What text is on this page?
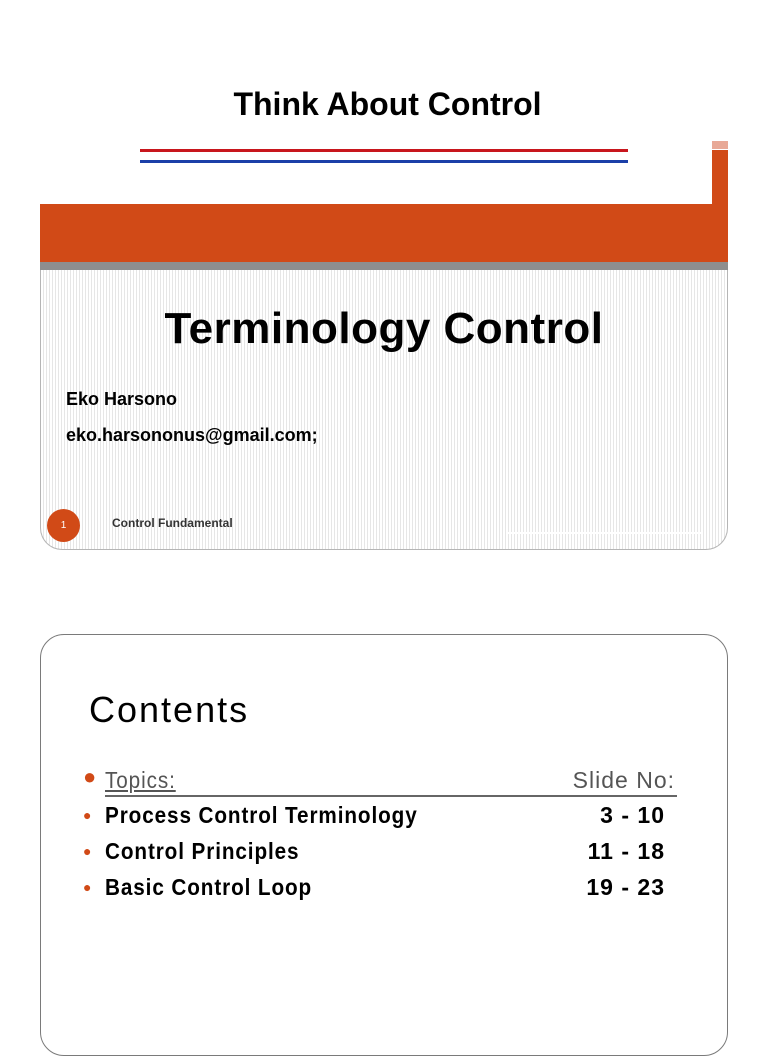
Think About Control
Terminology Control
Eko Harsono
eko.harsononus@gmail.com;
1	Control Fundamental
Contents
● Topics:	Slide No:
● Process Control Terminology	3 - 10
● Control Principles	11 - 18
● Basic Control Loop	19 - 23
